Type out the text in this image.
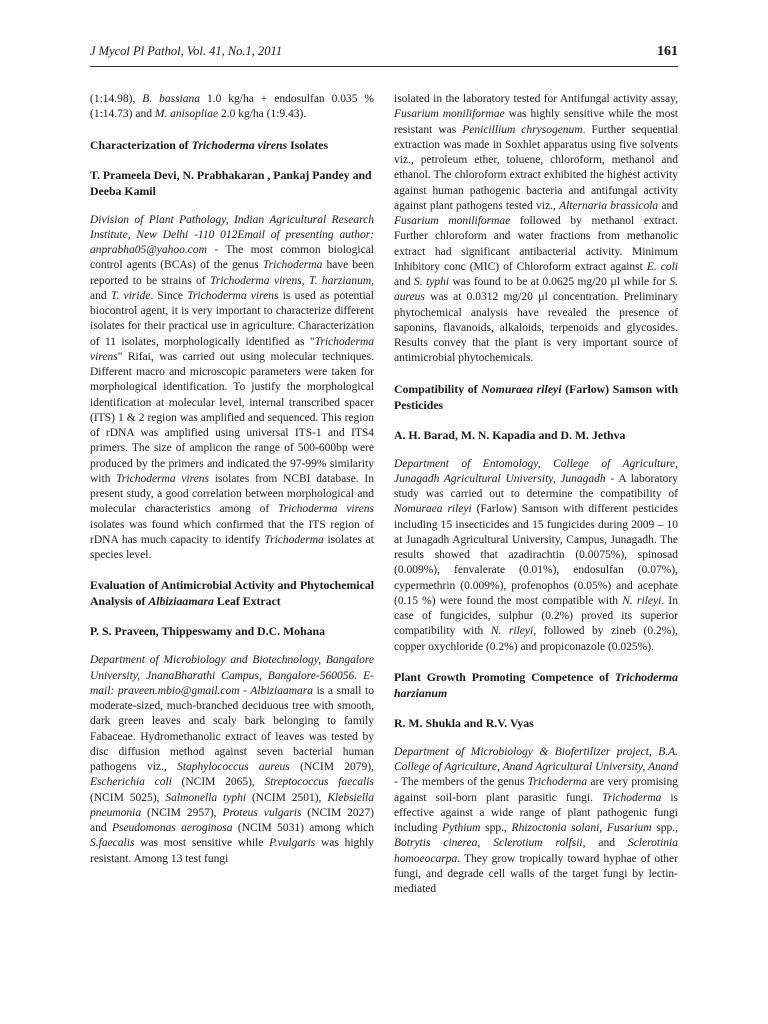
J Mycol Pl Pathol, Vol. 41, No.1, 2011	161

(1:14.98), B. bassiana 1.0 kg/ha + endosulfan 0.035 % (1:14.73) and M. anisopliae 2.0 kg/ha (1:9.43).

Characterization of Trichoderma virens Isolates

T. Prameela Devi, N. Prabhakaran , Pankaj Pandey and Deeba Kamil

Division of Plant Pathology, Indian Agricultural Research Institute, New Delhi -110 012Email of presenting author: anprabha05@yahoo.com - The most common biological control agents (BCAs) of the genus Trichoderma have been reported to be strains of Trichoderma virens, T. harzianum, and T. viride. Since Trichoderma virens is used as potential biocontrol agent, it is very important to characterize different isolates for their practical use in agriculture. Characterization of 11 isolates, morphologically identified as "Trichoderma virens" Rifai, was carried out using molecular techniques. Different macro and microscopic parameters were taken for morphological identification. To justify the morphological identification at molecular level, internal transcribed spacer (ITS) 1 & 2 region was amplified and sequenced. This region of rDNA was amplified using universal ITS-1 and ITS4 primers. The size of amplicon the range of 500-600bp were produced by the primers and indicated the 97-99% similarity with Trichoderma virens isolates from NCBI database. In present study, a good correlation between morphological and molecular characteristics among of Trichoderma virens isolates was found which confirmed that the ITS region of rDNA has much capacity to identify Trichoderma isolates at species level.

Evaluation of Antimicrobial Activity and Phytochemical Analysis of Albiziaamara Leaf Extract

P. S. Praveen, Thippeswamy and D.C. Mohana

Department of Microbiology and Biotechnology, Bangalore University, JnanaBharathi Campus, Bangalore-560056. E-mail: praveen.mbio@gmail.com - Albiziaamara is a small to moderate-sized, much-branched deciduous tree with smooth, dark green leaves and scaly bark belonging to family Fabaceae. Hydromethanolic extract of leaves was tested by disc diffusion method against seven bacterial human pathogens viz., Staphylococcus aureus (NCIM 2079), Escherichia coli (NCIM 2065), Streptococcus faecalis (NCIM 5025), Salmonella typhi (NCIM 2501), Klebsiella pneumonia (NCIM 2957), Proteus vulgaris (NCIM 2027) and Pseudomonas aeroginosa (NCIM 5031) among which S.faecalis was most sensitive while P.vulgaris was highly resistant. Among 13 test fungi

isolated in the laboratory tested for Antifungal activity assay, Fusarium moniliformae was highly sensitive while the most resistant was Penicillium chrysogenum. Further sequential extraction was made in Soxhlet apparatus using five solvents viz., petroleum ether, toluene, chloroform, methanol and ethanol. The chloroform extract exhibited the highest activity against human pathogenic bacteria and antifungal activity against plant pathogens tested viz., Alternaria brassicola and Fusarium moniliformae followed by methanol extract. Further chloroform and water fractions from methanolic extract had significant antibacterial activity. Minimum Inhibitory conc (MIC) of Chloroform extract against E. coli and S. typhi was found to be at 0.0625 mg/20 µl while for S. aureus was at 0.0312 mg/20 µl concentration. Preliminary phytochemical analysis have revealed the presence of saponins, flavanoids, alkaloids, terpenoids and glycosides. Results convey that the plant is very important source of antimicrobial phytochemicals.

Compatibility of Nomuraea rileyi (Farlow) Samson with Pesticides

A. H. Barad, M. N. Kapadia and D. M. Jethva

Department of Entomology, College of Agriculture, Junagadh Agricultural University, Junagadh - A laboratory study was carried out to determine the compatibility of Nomuraea rileyi (Farlow) Samson with different pesticides including 15 insecticides and 15 fungicides during 2009 – 10 at Junagadh Agricultural University, Campus, Junagadh. The results showed that azadirachtin (0.0075%), spinosad (0.009%), fenvalerate (0.01%), endosulfan (0.07%), cypermethrin (0.009%), profenophos (0.05%) and acephate (0.15 %) were found the most compatible with N. rileyi. In case of fungicides, sulphur (0.2%) proved its superior compatibility with N. rileyi, followed by zineb (0.2%), copper oxychloride (0.2%) and propiconazole (0.025%).

Plant Growth Promoting Competence of Trichoderma harzianum

R. M. Shukla and R.V. Vyas

Department of Microbiology & Biofertilizer project, B.A. College of Agriculture, Anand Agricultural University, Anand - The members of the genus Trichoderma are very promising against soil-born plant parasitic fungi. Trichoderma is effective against a wide range of plant pathogenic fungi including Pythium spp., Rhizoctonia solani, Fusarium spp., Botrytis cinerea, Sclerotium rolfsii, and Sclerotinia homoeocarpa. They grow tropically toward hyphae of other fungi, and degrade cell walls of the target fungi by lectin-mediated
